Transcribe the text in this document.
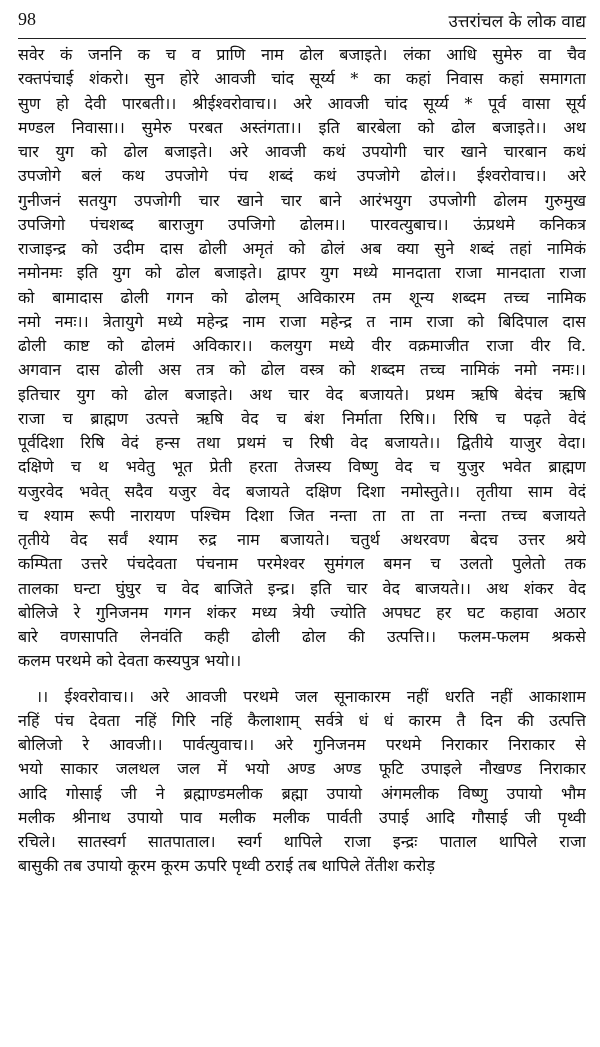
98	उत्तरांचल के लोक वाद्य
सवेर कं जननि क च व प्राणि नाम ढोल बजाइते। लंका आधि सुमेरु वा चैव
रक्तपंचाई शंकरो। सुन होरे आवजी चांद सूर्य्य * का कहां निवास कहां समागता
सुण हो देवी पारबती।। श्रीईश्वरोवाच।। अरे आवजी चांद सूर्य्य * पूर्व वासा सूर्य
मण्डल निवासा।। सुमेरु परबत अस्तंगता।। इति बारबेला को ढोल बजाइते।। अथ
चार युग को ढोल बजाइते। अरे आवजी कथं उपयोगी चार खाने चारबान कथं
उपजोगे बलं कथ उपजोगे पंच शब्दं कथं उपजोगे ढोलं।। ईश्वरोवाच।। अरे
गुनीजनं सतयुग उपजोगी चार खाने चार बाने आरंभयुग उपजोगी ढोलम गुरुमुख
उपजिगो पंचशब्द बाराजुग उपजिगो ढोलम।। पारवत्युबाच।। ऊंप्रथमे कनिकत्र
राजाइन्द्र को उदीम दास ढोली अमृतं को ढोलं अब क्या सुने शब्दं तहां नामिकं
नमोनमः इति युग को ढोल बजाइते। द्वापर युग मध्ये मानदाता राजा मानदाता राजा
को बामादास ढोली गगन को ढोलम्‌ अविकारम तम शून्य शब्दम तच्च नामिक
नमो नमः।। त्रेतायुगे मध्ये महेन्द्र नाम राजा महेन्द्र त नाम राजा को बिदिपाल दास
ढोली काष्ट को ढोलमं अविकार।। कलयुग मध्ये वीर वक्रमाजीत राजा वीर वि.
अगवान दास ढोली अस तत्र को ढोल वस्त्र को शब्दम तच्च नामिकं नमो नमः।।
इतिचार युग को ढोल बजाइते। अथ चार वेद बजायते। प्रथम ऋषि बेदंच ऋषि
राजा च ब्राह्मण उत्पत्ते ऋषि वेद च बंश निर्माता रिषि।। रिषि च पढ़ते वेदं
पूर्वदिशा रिषि वेदं हन्स तथा प्रथमं च रिषी वेद बजायते।। द्वितीये याजुर वेदा।
दक्षिणे च थ भवेतु भूत प्रेती हरता तेजस्य विष्णु वेद च युजुर भवेत ब्राह्मण
यजुरवेद भवेत्‌ सदैव यजुर वेद बजायते दक्षिण दिशा नमोस्तुते।। तृतीया साम वेदं
च श्याम रूपी नारायण पश्चिम दिशा जित नन्ता ता ता ता नन्ता तच्च बजायते
तृतीये वेद सर्वं श्याम रुद्र नाम बजायते। चतुर्थ अथरवण बेदच उत्तर श्रये
कम्पिता उत्तरे पंचदेवता पंचनाम परमेश्वर सुमंगल बमन च उलतो पुलेतो तक
तालका घन्टा घुंघुर च वेद बाजिते इन्द्र। इति चार वेद बाजयते।। अथ शंकर वेद
बोलिजे रे गुनिजनम गगन शंकर मध्य त्रेयी ज्योति अपघट हर घट कहावा अठार
बारे वणसापति लेनवंति कही ढोली ढोल की उत्पत्ति।। फलम-फलम श्रकसे
कलम परथमे को देवता कस्यपुत्र भयो।।
।। ईश्वरोवाच।। अरे आवजी परथमे जल सूनाकारम नहीं धरति नहीं आकाशाम
नहिं पंच देवता नहिं गिरि नहिं कैलाशाम्‌ सर्वत्रे धं धं कारम तै दिन की उत्पत्ति
बोलिजो रे आवजी।। पार्वत्युवाच।। अरे गुनिजनम परथमे निराकार निराकार से
भयो साकार जलथल जल में भयो अण्ड अण्ड फूटि उपाइले नौखण्ड निराकार
आदि गोसाई जी ने ब्रह्माण्डमलीक ब्रह्मा उपायो अंगमलीक विष्णु उपायो भौम
मलीक श्रीनाथ उपायो पाव मलीक मलीक पार्वती उपाई आदि गौसाई जी पृथ्वी
रचिले। सातस्वर्ग सातपाताल। स्वर्ग थापिले राजा इन्द्रः पाताल थापिले राजा
बासुकी तब उपायो कूरम कूरम ऊपरि पृथ्वी ठराई तब थापिले तेंतीश करोड़
